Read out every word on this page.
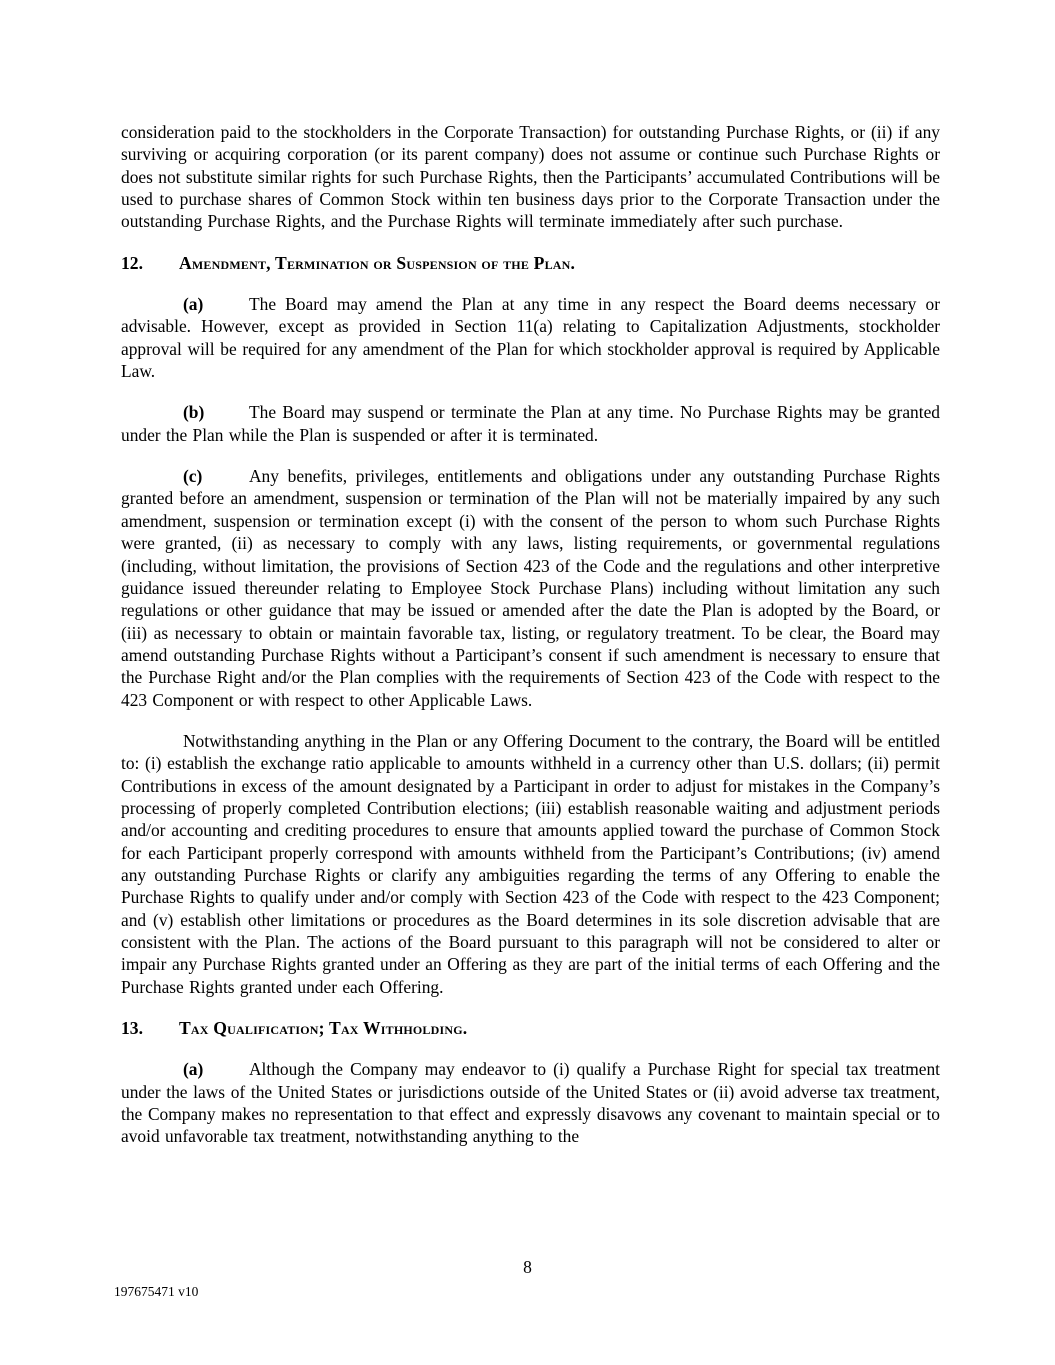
consideration paid to the stockholders in the Corporate Transaction) for outstanding Purchase Rights, or (ii) if any surviving or acquiring corporation (or its parent company) does not assume or continue such Purchase Rights or does not substitute similar rights for such Purchase Rights, then the Participants’ accumulated Contributions will be used to purchase shares of Common Stock within ten business days prior to the Corporate Transaction under the outstanding Purchase Rights, and the Purchase Rights will terminate immediately after such purchase.

12. Amendment, Termination or Suspension of the Plan.

(a)	The Board may amend the Plan at any time in any respect the Board deems necessary or advisable. However, except as provided in Section 11(a) relating to Capitalization Adjustments, stockholder approval will be required for any amendment of the Plan for which stockholder approval is required by Applicable Law.

(b)	The Board may suspend or terminate the Plan at any time. No Purchase Rights may be granted under the Plan while the Plan is suspended or after it is terminated.

(c)	Any benefits, privileges, entitlements and obligations under any outstanding Purchase Rights granted before an amendment, suspension or termination of the Plan will not be materially impaired by any such amendment, suspension or termination except (i) with the consent of the person to whom such Purchase Rights were granted, (ii) as necessary to comply with any laws, listing requirements, or governmental regulations (including, without limitation, the provisions of Section 423 of the Code and the regulations and other interpretive guidance issued thereunder relating to Employee Stock Purchase Plans) including without limitation any such regulations or other guidance that may be issued or amended after the date the Plan is adopted by the Board, or (iii) as necessary to obtain or maintain favorable tax, listing, or regulatory treatment. To be clear, the Board may amend outstanding Purchase Rights without a Participant’s consent if such amendment is necessary to ensure that the Purchase Right and/or the Plan complies with the requirements of Section 423 of the Code with respect to the 423 Component or with respect to other Applicable Laws.

Notwithstanding anything in the Plan or any Offering Document to the contrary, the Board will be entitled to: (i) establish the exchange ratio applicable to amounts withheld in a currency other than U.S. dollars; (ii) permit Contributions in excess of the amount designated by a Participant in order to adjust for mistakes in the Company’s processing of properly completed Contribution elections; (iii) establish reasonable waiting and adjustment periods and/or accounting and crediting procedures to ensure that amounts applied toward the purchase of Common Stock for each Participant properly correspond with amounts withheld from the Participant’s Contributions; (iv) amend any outstanding Purchase Rights or clarify any ambiguities regarding the terms of any Offering to enable the Purchase Rights to qualify under and/or comply with Section 423 of the Code with respect to the 423 Component; and (v) establish other limitations or procedures as the Board determines in its sole discretion advisable that are consistent with the Plan. The actions of the Board pursuant to this paragraph will not be considered to alter or impair any Purchase Rights granted under an Offering as they are part of the initial terms of each Offering and the Purchase Rights granted under each Offering.

13. Tax Qualification; Tax Withholding.

(a)	Although the Company may endeavor to (i) qualify a Purchase Right for special tax treatment under the laws of the United States or jurisdictions outside of the United States or (ii) avoid adverse tax treatment, the Company makes no representation to that effect and expressly disavows any covenant to maintain special or to avoid unfavorable tax treatment, notwithstanding anything to the

8
197675471 v10
